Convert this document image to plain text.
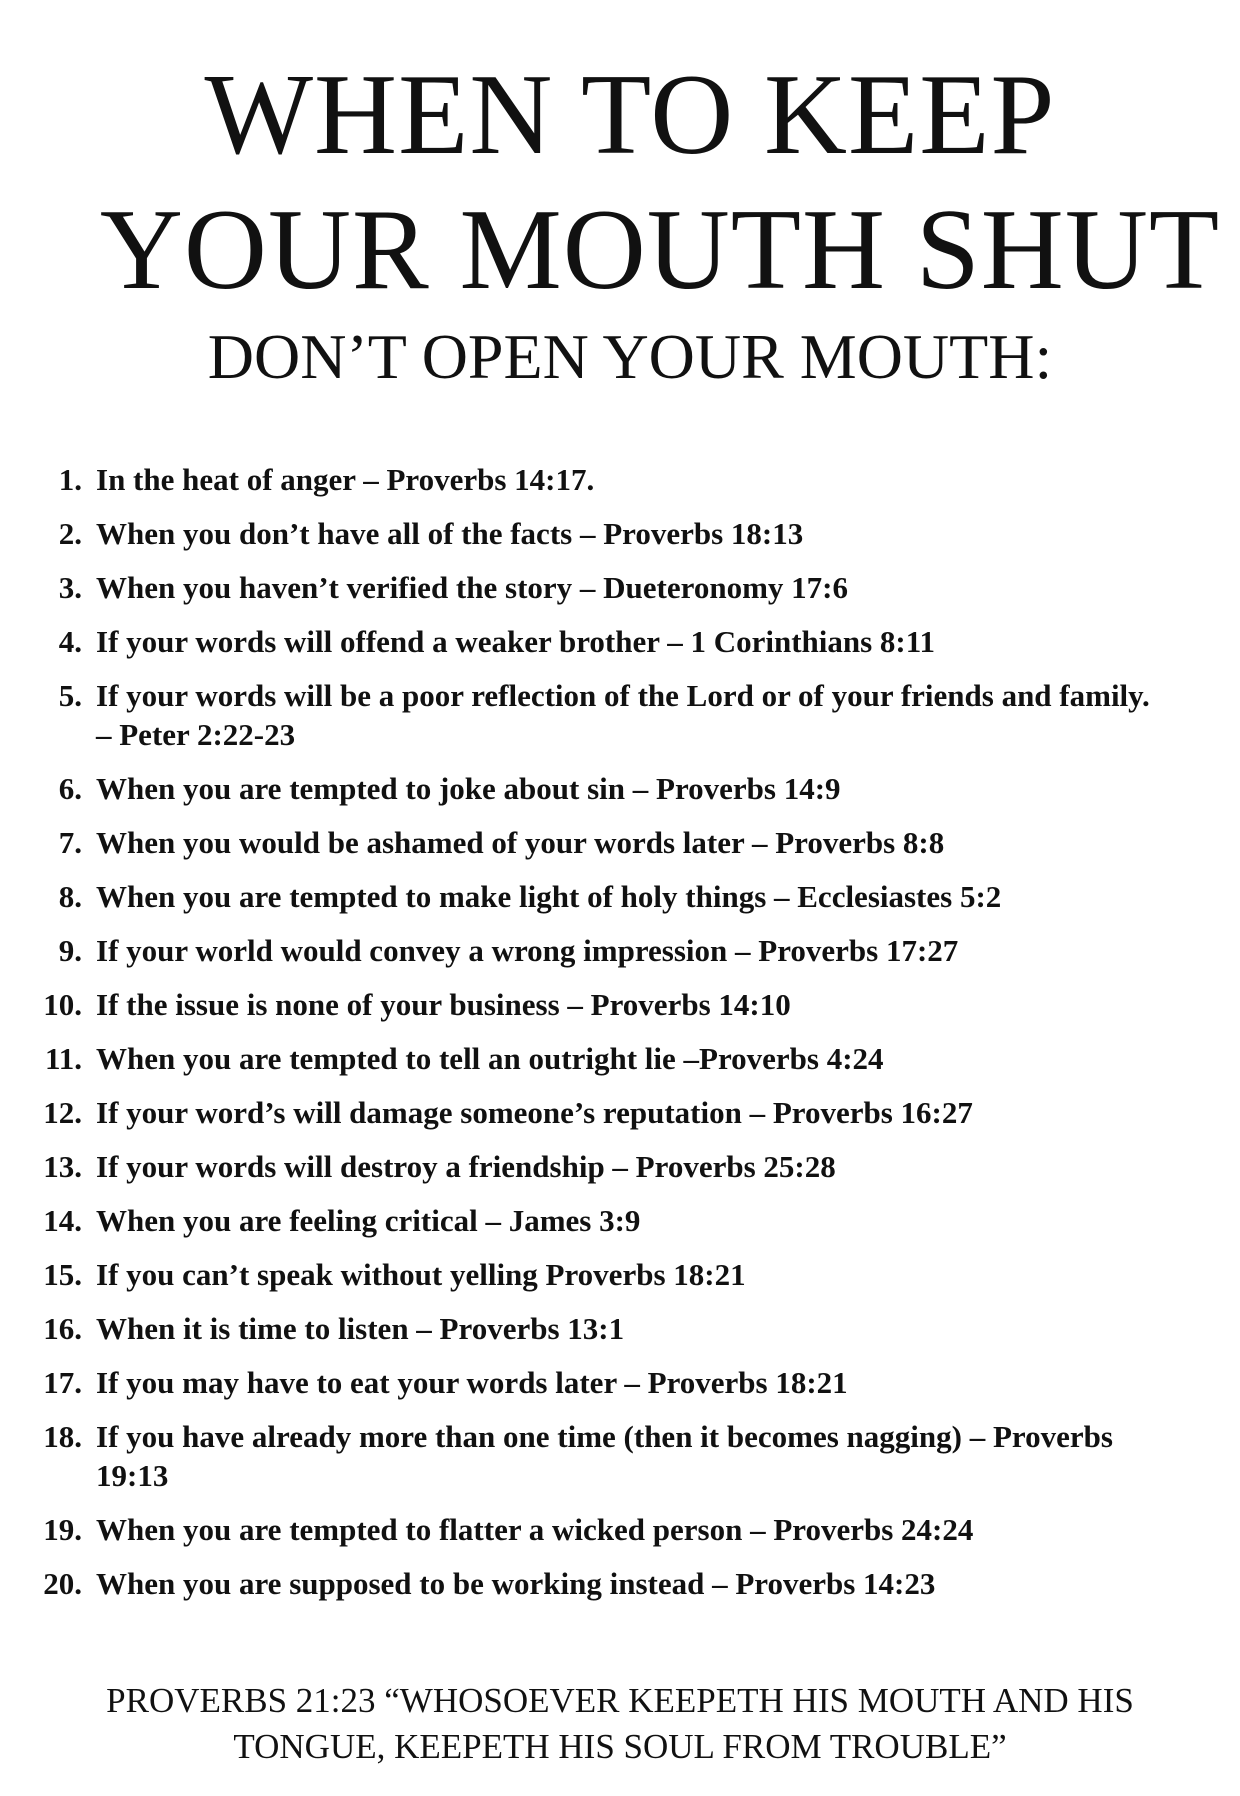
WHEN TO KEEP
YOUR MOUTH SHUT
DON’T OPEN YOUR MOUTH:
1. In the heat of anger – Proverbs 14:17.
2. When you don’t have all of the facts – Proverbs 18:13
3. When you haven’t verified the story – Dueteronomy 17:6
4. If your words will offend a weaker brother – 1 Corinthians 8:11
5. If your words will be a poor reflection of the Lord or of your friends and family. – Peter 2:22-23
6. When you are tempted to joke about sin – Proverbs 14:9
7. When you would be ashamed of your words later – Proverbs 8:8
8. When you are tempted to make light of holy things – Ecclesiastes 5:2
9. If your world would convey a wrong impression – Proverbs 17:27
10. If the issue is none of your business – Proverbs 14:10
11. When you are tempted to tell an outright lie –Proverbs 4:24
12. If your word’s will damage someone’s reputation – Proverbs 16:27
13. If your words will destroy a friendship – Proverbs 25:28
14. When you are feeling critical – James 3:9
15. If you can’t speak without yelling Proverbs 18:21
16. When it is time to listen – Proverbs 13:1
17. If you may have to eat your words later – Proverbs 18:21
18. If you have already more than one time (then it becomes nagging) – Proverbs 19:13
19. When you are tempted to flatter a wicked person – Proverbs 24:24
20. When you are supposed to be working instead – Proverbs 14:23
PROVERBS 21:23 “WHOSOEVER KEEPETH HIS MOUTH AND HIS
TONGUE, KEEPETH HIS SOUL FROM TROUBLE”
